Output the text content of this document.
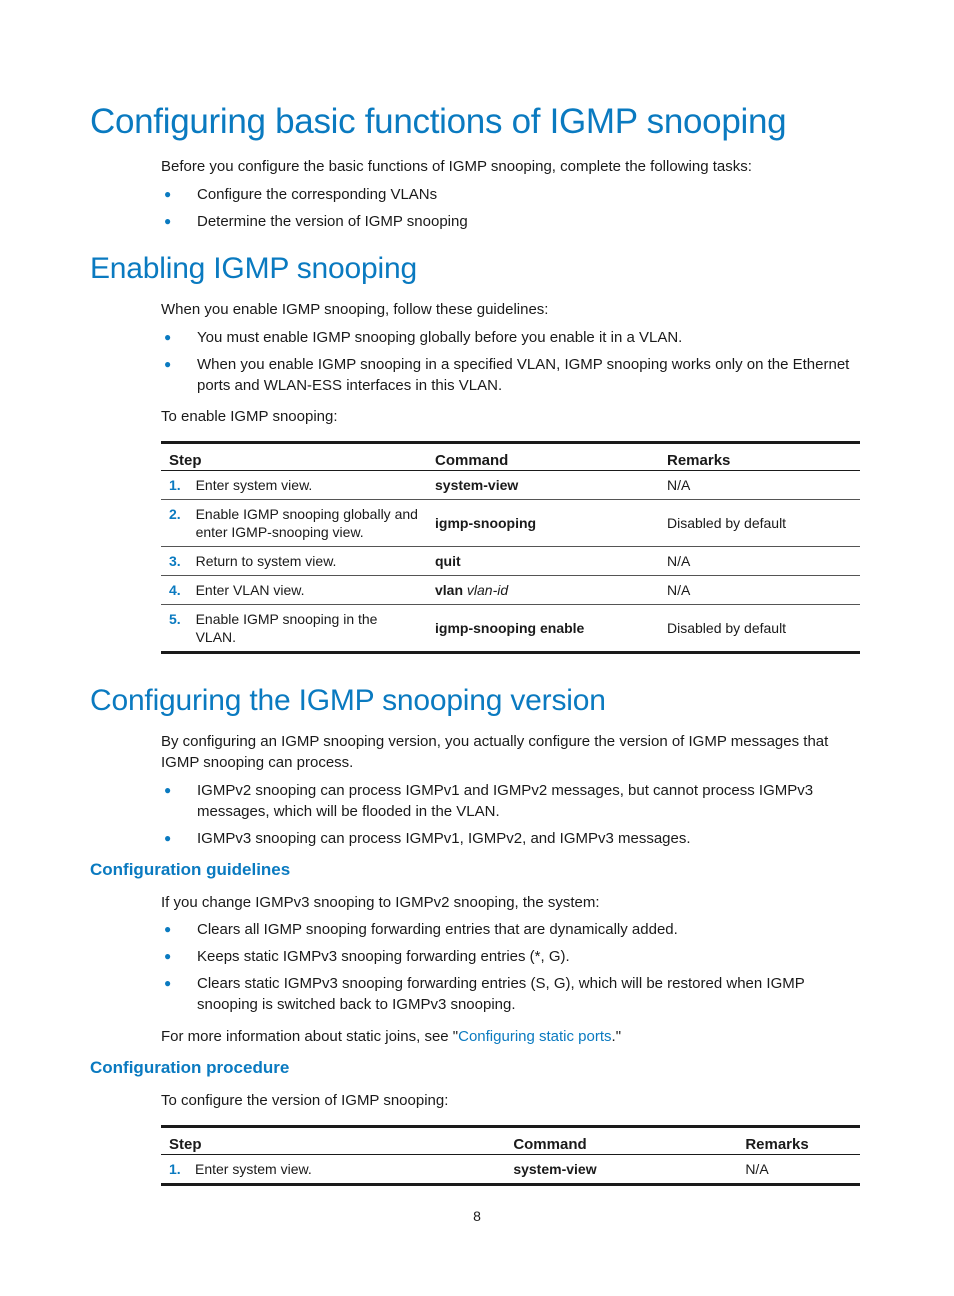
Configuring basic functions of IGMP snooping

Before you configure the basic functions of IGMP snooping, complete the following tasks:

● Configure the corresponding VLANs
● Determine the version of IGMP snooping
Enabling IGMP snooping

When you enable IGMP snooping, follow these guidelines:

● You must enable IGMP snooping globally before you enable it in a VLAN.
● When you enable IGMP snooping in a specified VLAN, IGMP snooping works only on the Ethernet ports and WLAN-ESS interfaces in this VLAN.

To enable IGMP snooping:

Step		Command	Remarks
1.	Enter system view.	system-view	N/A
2.	Enable IGMP snooping globally and enter IGMP-snooping view.	igmp-snooping	Disabled by default
3.	Return to system view.	quit	N/A
4.	Enter VLAN view.	vlan vlan-id	N/A
5.	Enable IGMP snooping in the VLAN.	igmp-snooping enable	Disabled by default
Configuring the IGMP snooping version

By configuring an IGMP snooping version, you actually configure the version of IGMP messages that IGMP snooping can process.

● IGMPv2 snooping can process IGMPv1 and IGMPv2 messages, but cannot process IGMPv3 messages, which will be flooded in the VLAN.
● IGMPv3 snooping can process IGMPv1, IGMPv2, and IGMPv3 messages.
Configuration guidelines

If you change IGMPv3 snooping to IGMPv2 snooping, the system:

● Clears all IGMP snooping forwarding entries that are dynamically added.
● Keeps static IGMPv3 snooping forwarding entries (*, G).
● Clears static IGMPv3 snooping forwarding entries (S, G), which will be restored when IGMP snooping is switched back to IGMPv3 snooping.

For more information about static joins, see "Configuring static ports."

Configuration procedure

To configure the version of IGMP snooping:

Step		Command	Remarks
1.	Enter system view.	system-view	N/A
8
